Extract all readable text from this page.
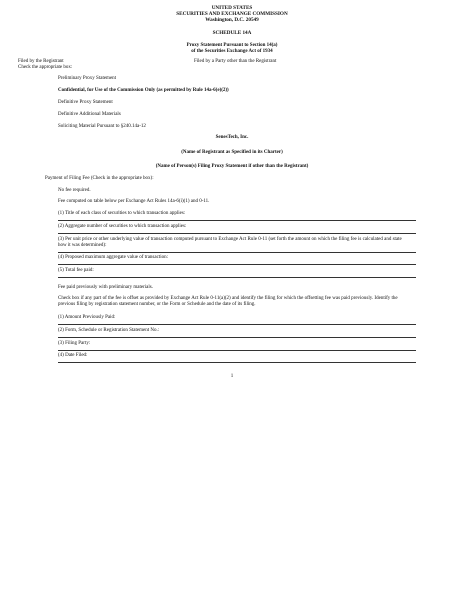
UNITED STATES
SECURITIES AND EXCHANGE COMMISSION
Washington, D.C. 20549
SCHEDULE 14A
Proxy Statement Pursuant to Section 14(a)
of the Securities Exchange Act of 1934
Filed by the Registrant	Filed by a Party other than the Registrant
Check the appropriate box:
Preliminary Proxy Statement
Confidential, for Use of the Commission Only (as permitted by Rule 14a-6(e)(2))
Definitive Proxy Statement
Definitive Additional Materials
Soliciting Material Pursuant to §240.14a-12
SenesTech, Inc.
(Name of Registrant as Specified in its Charter)
(Name of Person(s) Filing Proxy Statement if other than the Registrant)
Payment of Filing Fee (Check in the appropriate box):
No fee required.
Fee computed on table below per Exchange Act Rules 14a-6(i)(1) and 0-11.
(1) Title of each class of securities to which transaction applies:
(2) Aggregate number of securities to which transaction applies:
(3) Per unit price or other underlying value of transaction computed pursuant to Exchange Act Rule 0-11 (set forth the amount on which the filing fee is calculated and state how it was determined):
(4) Proposed maximum aggregate value of transaction:
(5) Total fee paid:
Fee paid previously with preliminary materials.
Check box if any part of the fee is offset as provided by Exchange Act Rule 0-11(a)(2) and identify the filing for which the offsetting fee was paid previously. Identify the previous filing by registration statement number, or the Form or Schedule and the date of its filing.
(1) Amount Previously Paid:
(2) Form, Schedule or Registration Statement No.:
(3) Filing Party:
(4) Date Filed:
1
